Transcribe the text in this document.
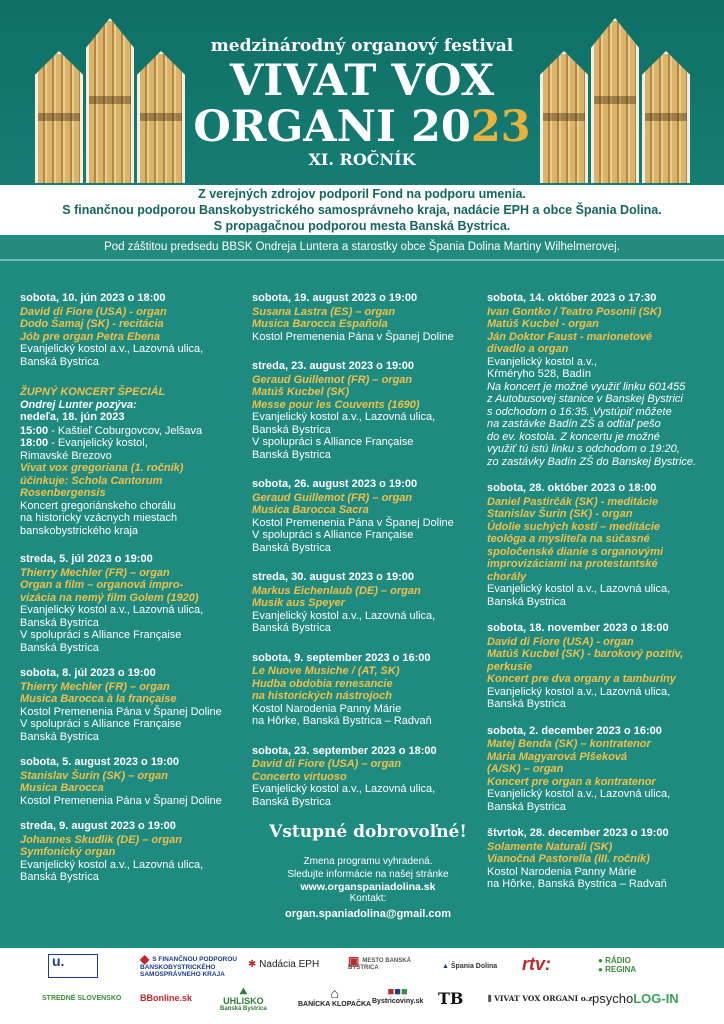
medzinárodný organový festival
VIVAT VOX
ORGANI 2023
XI. ROČNÍK
Z verejných zdrojov podporil Fond na podporu umenia.
S finančnou podporou Banskobystrického samosprávneho kraja, nadácie EPH a obce Špania Dolina.
S propagačnou podporou mesta Banská Bystrica.
Pod záštitou predsedu BBSK Ondreja Luntera a starostky obce Špania Dolina Martiny Wilhelmerovej.
sobota, 10. jún 2023 o 18:00
David di Fiore (USA) - organ
Dodo Šamaj (SK) - recitácia
Jób pre organ Petra Ebena
Evanjelický kostol a.v., Lazovná ulica,
Banská Bystrica
ŽUPNÝ KONCERT ŠPECIÁL
Ondrej Lunter pozýva:
nedeľa, 18. jún 2023
15:00 - Kaštieľ Coburgovcov, Jelšava
18:00 - Evanjelický kostol,
Rimavské Brezovo
Vivat vox gregoriana (1. ročník)
účinkuje: Schola Cantorum
Rosenbergensis
Koncert gregoriánskeho chorálu
na historicky vzácnych miestach
banskobystrického kraja
streda, 5. júl 2023 o 19:00
Thierry Mechler (FR) – organ
Organ a film – organová impro-
vizácia na nemý film Golem (1920)
Evanjelický kostol a.v., Lazovná ulica,
Banská Bystrica
V spolupráci s Alliance Française
Banská Bystrica
sobota, 8. júl 2023 o 19:00
Thierry Mechler (FR) – organ
Musica Barocca à la française
Kostol Premenenia Pána v Španej Doline
V spolupráci s Alliance Française
Banská Bystrica
sobota, 5. august 2023 o 19:00
Stanislav Šurin (SK) – organ
Musica Barocca
Kostol Premenenia Pána v Španej Doline
streda, 9. august 2023 o 19:00
Johannes Skudlik (DE) – organ
Symfonický organ
Evanjelický kostol a.v., Lazovná ulica,
Banská Bystrica
sobota, 19. august 2023 o 19:00
Susana Lastra (ES) – organ
Musica Barocca Española
Kostol Premenenia Pána v Španej Doline
streda, 23. august 2023 o 19:00
Geraud Guillemot (FR) – organ
Matúš Kucbel (SK)
Messe pour les Couvents (1690)
Evanjelický kostol a.v., Lazovná ulica,
Banská Bystrica
V spolupráci s Alliance Française
Banská Bystrica
sobota, 26. august 2023 o 19:00
Geraud Guillemot (FR) – organ
Musica Barocca Sacra
Kostol Premenenia Pána v Španej Doline
V spolupráci s Alliance Française
Banská Bystrica
streda, 30. august 2023 o 19:00
Markus Eichenlaub (DE) – organ
Musik aus Speyer
Evanjelický kostol a.v., Lazovná ulica,
Banská Bystrica
sobota, 9. september 2023 o 16:00
Le Nuove Musiche / (AT, SK)
Hudba obdobia renesancie
na historických nástrojoch
Kostol Narodenia Panny Márie
na Hôrke, Banská Bystrica – Radvaň
sobota, 23. september 2023 o 18:00
David di Fiore (USA) – organ
Concerto virtuoso
Evanjelický kostol a.v., Lazovná ulica,
Banská Bystrica
Vstupné dobrovoľné!
Zmena programu vyhradená.
Sledujte informácie na našej stránke
www.organspaniadolina.sk
Kontakt:
organ.spaniadolina@gmail.com
sobota, 14. október 2023 o 17:30
Ivan Gontko / Teatro Posonii (SK)
Matúš Kucbel - organ
Ján Doktor Faust - marionetové
divadlo a organ
Evanjelický kostol a.v.,
Kŕméryho 528, Badín
Na koncert je možné využiť linku 601455
z Autobusovej stanice v Banskej Bystrici
s odchodom o 16:35. Vystúpiť môžete
na zastávke Badín ZŠ a odtiaľ pešo
do ev. kostola. Z koncertu je možné
využiť tú istú linku s odchodom o 19:20,
zo zastávky Badín ZŠ do Banskej Bystrice.
sobota, 28. október 2023 o 18:00
Daniel Pastirčák (SK) - meditácie
Stanislav Šurin (SK) - organ
Údolie suchých kostí – meditácie
teológa a mysliteľa na súčasné
spoločenské dianie s organovými
improvizáciami na protestantské
chorály
Evanjelický kostol a.v., Lazovná ulica,
Banská Bystrica
sobota, 18. november 2023 o 18:00
David di Fiore (USA) - organ
Matúš Kucbel (SK) - barokový pozitív,
perkusie
Koncert pre dva organy a tamburíny
Evanjelický kostol a.v., Lazovná ulica,
Banská Bystrica
sobota, 2. december 2023 o 16:00
Matej Benda (SK) – kontratenor
Mária Magyarová Plšeková
(A/SK) – organ
Koncert pre organ a kontratenor
Evanjelický kostol a.v., Lazovná ulica,
Banská Bystrica
štvrtok, 28. december 2023 o 19:00
Solamente Naturali (SK)
Vianočná Pastorella (III. ročník)
Kostol Narodenia Panny Márie
na Hôrke, Banská Bystrica – Radvaň
u.	◆ S FINANČNOU PODPOROU BANSKOBYSTRICKÉHO SAMOSPRÁVNEHO KRAJA
✱ Nadácia EPH ▣ MESTO BANSKÁ BYSTRICA	▲ Špania Dolina rtv:	● RÁDIO
● REGINA
STREDNÉ SLOVENSKO BBonline.sk
⛰
UHLISKO
Banská Bystrica
⌂
BANÍCKA KLOPAČKA
■■■
Bystricoviny.sk TB	⫼ VIVAT VOX ORGANI o.z.
psychoLOG-IN
